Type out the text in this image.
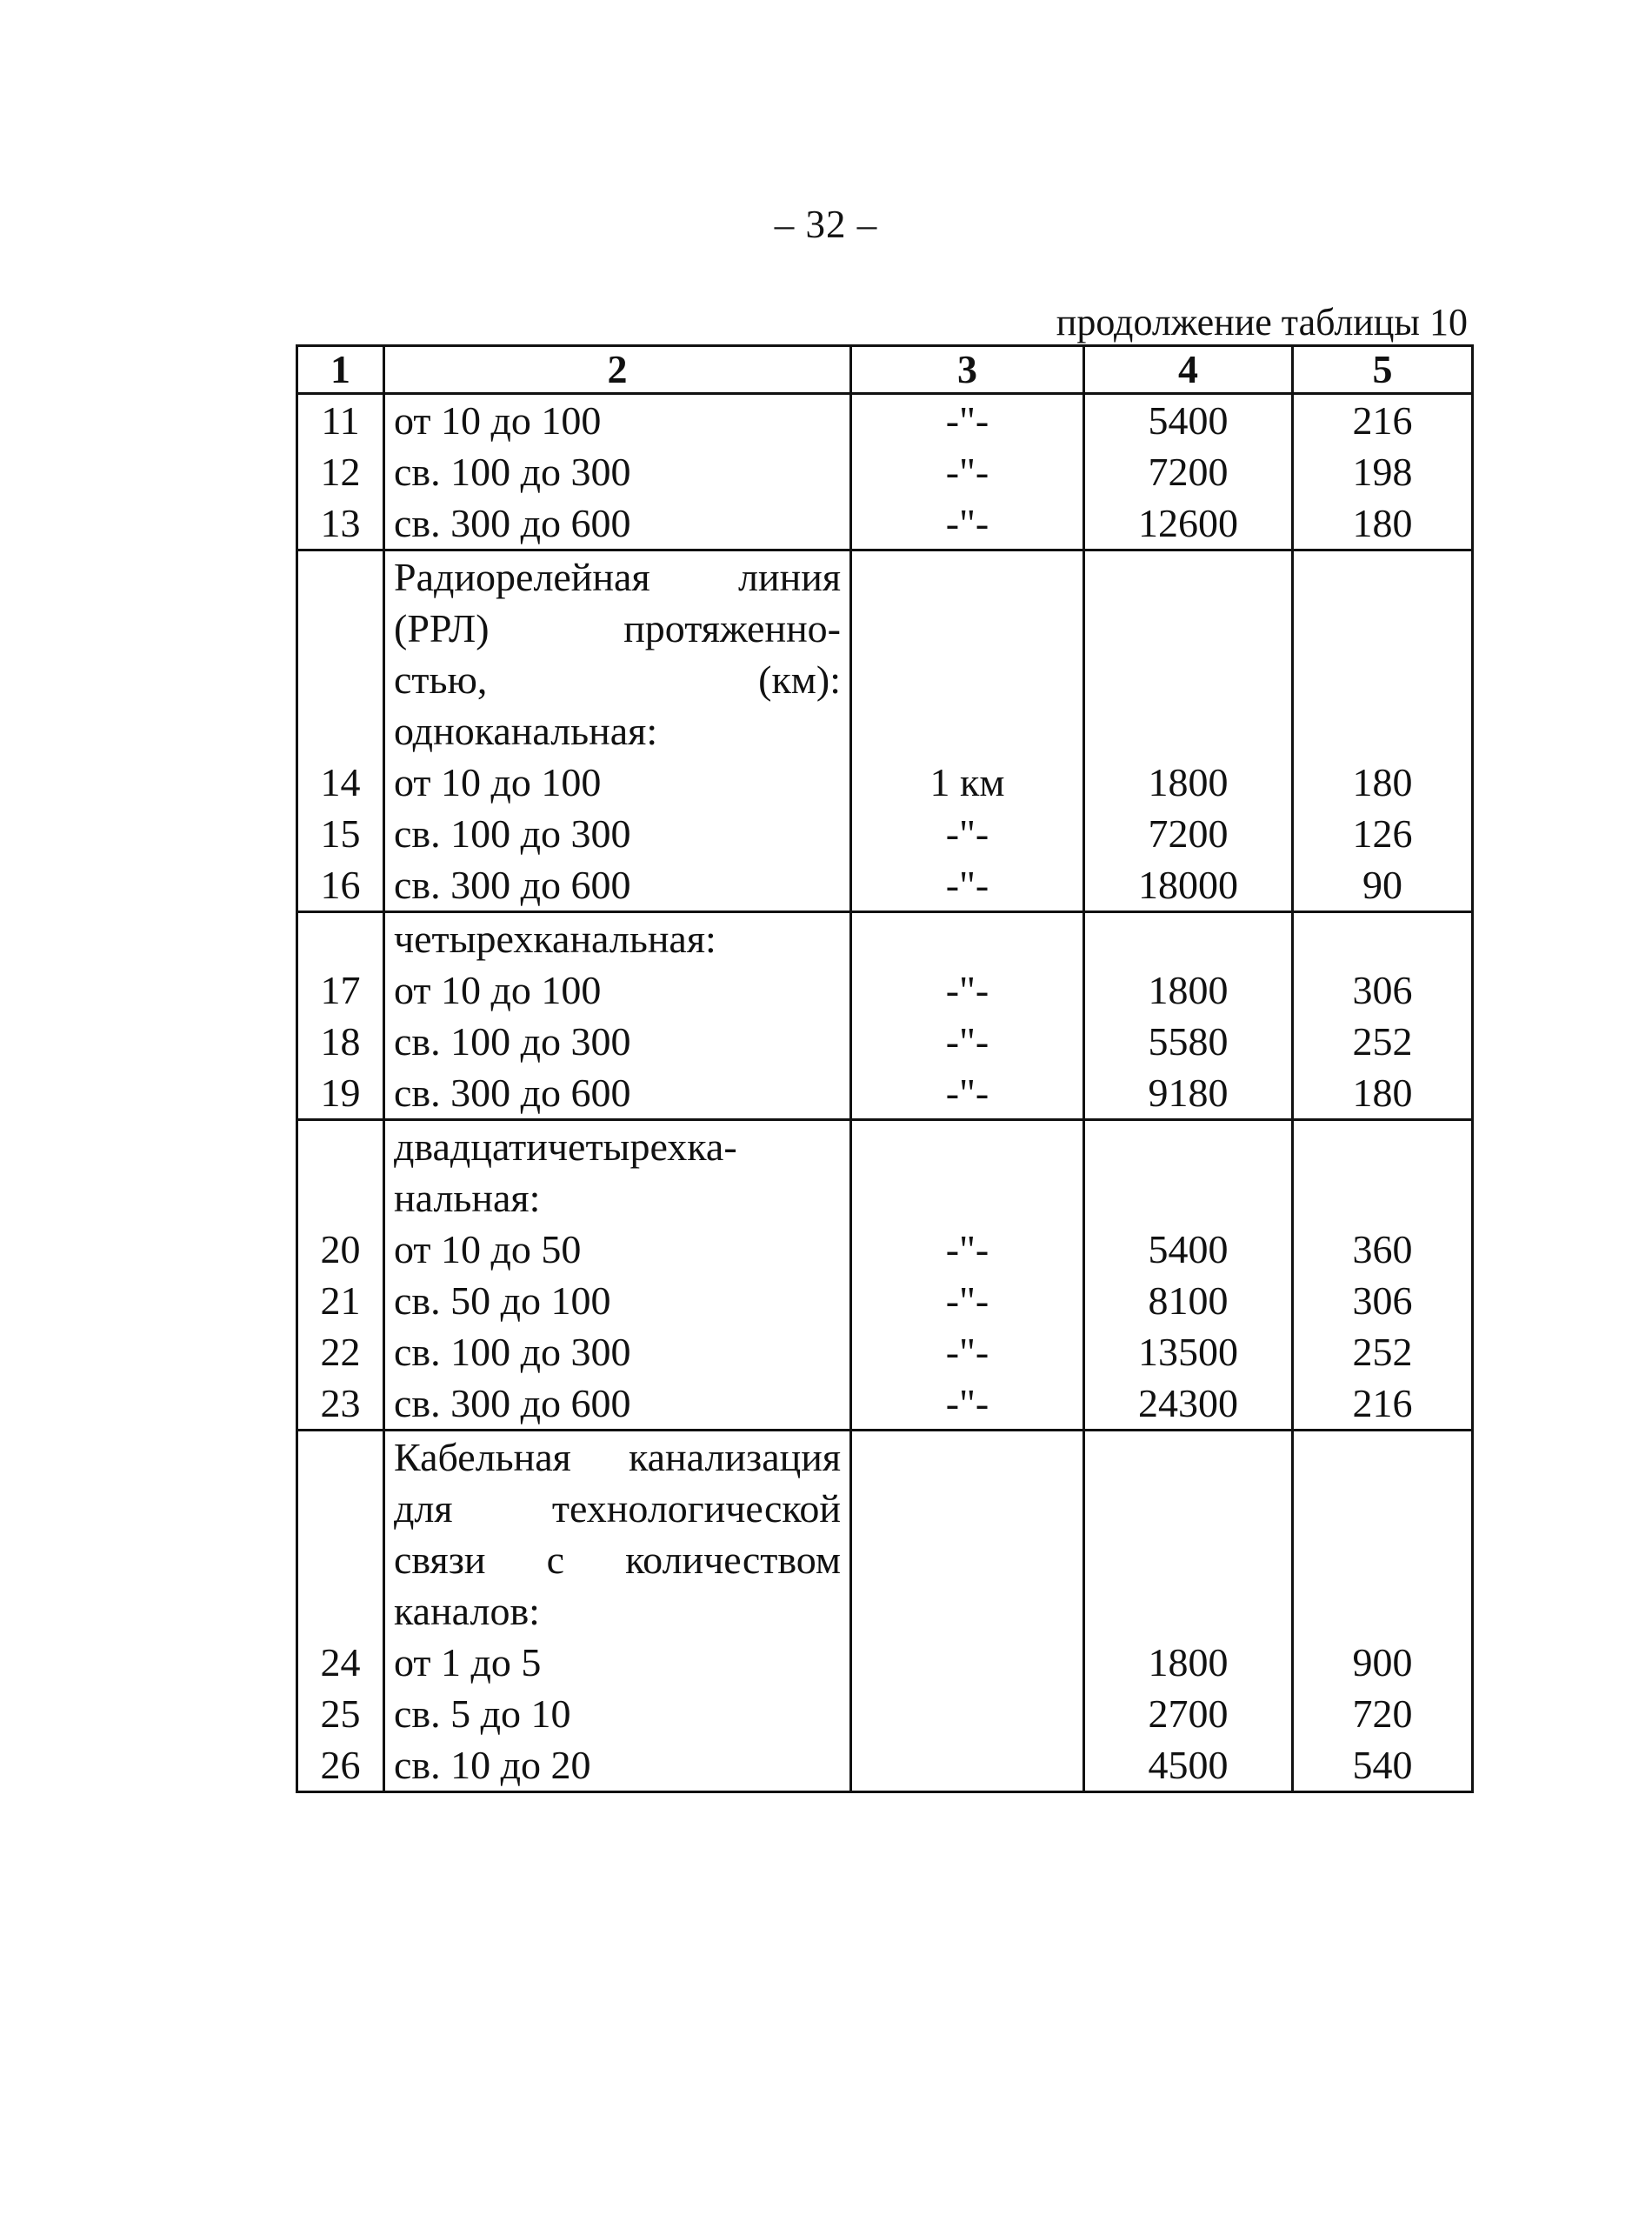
– 32 –
продолжение таблицы 10
1	2	3	4	5
11	от 10 до 100	-"-	5400	216
12	св. 100 до 300	-"-	7200	198
13	св. 300 до 600	-"-	12600	180

	Радиорелейная линия			

	(РРЛ) протяженно-			

	стью, (км):			

	одноканальная:			
14	от 10 до 100	1 км	1800	180
15	св. 100 до 300	-"-	7200	126
16	св. 300 до 600	-"-	18000	90
	четырехканальная:			
17	от 10 до 100	-"-	1800	306
18	св. 100 до 300	-"-	5580	252
19	св. 300 до 600	-"-	9180	180
	двадцатичетырехка-			
	нальная:			
20	от 10 до 50	-"-	5400	360
21	св. 50 до 100	-"-	8100	306
22	св. 100 до 300	-"-	13500	252
23	св. 300 до 600	-"-	24300	216

	Кабельная канализация			

	для технологической			

	связи с количеством			

	каналов:			
24	от 1 до 5		1800	900
25	св. 5 до 10		2700	720
26	св. 10 до 20		4500	540
